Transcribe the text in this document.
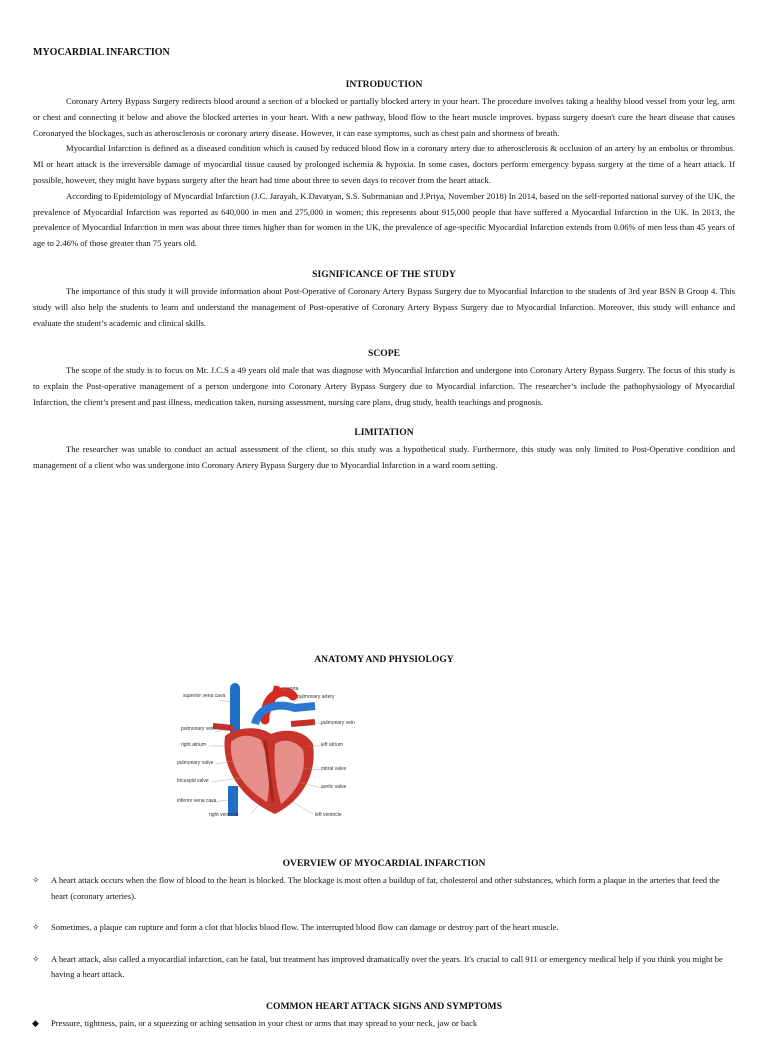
MYOCARDIAL INFARCTION
INTRODUCTION

Coronary Artery Bypass Surgery redirects blood around a section of a blocked or partially blocked artery in your heart. The procedure involves taking a healthy blood vessel from your leg, arm or chest and connecting it below and above the blocked arteries in your heart. With a new pathway, blood flow to the heart muscle improves. bypass surgery doesn't cure the heart disease that causes Coronaryed the blockages, such as atherosclerosis or coronary artery disease. However, it can ease symptoms, such as chest pain and shortness of breath.

Myocardial Infarction is defined as a diseased condition which is caused by reduced blood flow in a coronary artery due to atherosclerosis & occlusion of an artery by an embolus or thrombus. MI or heart attack is the irreversible damage of myocardial tissue caused by prolonged ischemia & hypoxia. In some cases, doctors perform emergency bypass surgery at the time of a heart attack. If possible, however, they might have bypass surgery after the heart had time about three to seven days to recover from the heart attack.

According to Epidemiology of Myocardial Infarction (J.C. Jarayah, K.Davatyan, S.S. Subrmanian and J.Priya, November 2018) In 2014, based on the self-reported national survey of the UK, the prevalence of Myocardial Infarction was reported as 640,000 in men and 275,000 in women; this represents about 915,000 people that have suffered a Myocardial Infarction in the UK. In 2013, the prevalence of Myocardial Infarction in men was about three times higher than for women in the UK, the prevalence of age-specific Myocardial Infarction extends from 0.06% of men less than 45 years of age to 2.46% of those greater than 75 years old.

SIGNIFICANCE OF THE STUDY

The importance of this study it will provide information about Post-Operative of Coronary Artery Bypass Surgery due to Myocardial Infarction to the students of 3rd year BSN B Group 4. This study will also help the students to learn and understand the management of Post-operative of Coronary Artery Bypass Surgery due to Myocardial Infarction. Moreover, this study will enhance and evaluate the student’s academic and clinical skills.

SCOPE

The scope of the study is to focus on Mr. J.C.S a 49 years old male that was diagnose with Myocardial Infarction and undergone into Coronary Artery Bypass Surgery. The focus of this study is to explain the Post-operative management of a person undergone into Coronary Artery Bypass Surgery due to Myocardial infarction. The researcher’s include the pathophysiology of Myocardial Infarction, the client’s present and past illness, medication taken, nursing assessment, nursing care plans, drug study, health teachings and prognosis.

LIMITATION

The researcher was unable to conduct an actual assessment of the client, so this study was a hypothetical study. Furthermore, this study was only limited to Post-Operative condition and management of a client who was undergone into Coronary Artery Bypass Surgery due to Myocardial Infarction in a ward room setting.

ANATOMY AND PHYSIOLOGY
aorta
superior vena cava	pulmonary artery
pulmonary vein
pulmonary vein
left atrium
right atrium
pulmonary valve
mitral valve
tricuspid valve
aortic valve
inferior vena cava
right ventricle	left ventricle
OVERVIEW OF MYOCARDIAL INFARCTION
✧ A heart attack occurs when the flow of blood to the heart is blocked. The blockage is most often a buildup of fat, cholesterol and other substances, which form a plaque in the arteries that feed the heart (coronary arteries).
✧ Sometimes, a plaque can rupture and form a clot that blocks blood flow. The interrupted blood flow can damage or destroy part of the heart muscle.
✧ A heart attack, also called a myocardial infarction, can be fatal, but treatment has improved dramatically over the years. It's crucial to call 911 or emergency medical help if you think you might be having a heart attack.
COMMON HEART ATTACK SIGNS AND SYMPTOMS
◆ Pressure, tightness, pain, or a squeezing or aching sensation in your chest or arms that may spread to your neck, jaw or back
